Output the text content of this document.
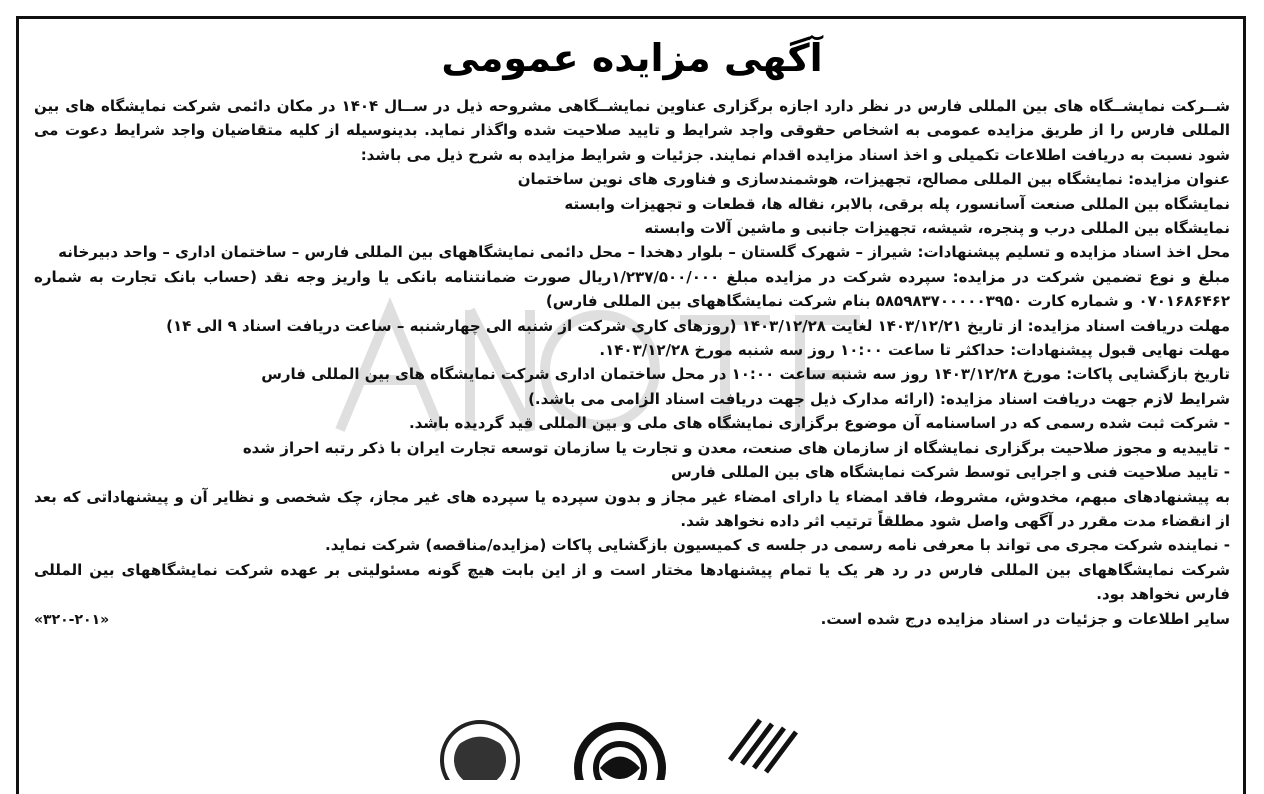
آگهی مزایده عمومی

شــرکت نمایشــگاه های بین المللی فارس در نظر دارد اجازه برگزاری عناوین نمایشــگاهی مشروحه ذیل در ســال ۱۴۰۴ در مکان دائمی شرکت نمایشگاه های بین المللی فارس را از طریق مزایده عمومی به اشخاص حقوقی واجد شرایط و تایید صلاحیت شده واگذار نماید. بدینوسیله از کلیه متقاضیان واجد شرایط دعوت می شود نسبت به دریافت اطلاعات تکمیلی و اخذ اسناد مزایده اقدام نمایند. جزئیات و شرایط مزایده به شرح ذیل می باشد:

عنوان مزایده: نمایشگاه بین المللی مصالح، تجهیزات، هوشمندسازی و فناوری های نوین ساختمان

نمایشگاه بین المللی صنعت آسانسور، پله برقی، بالابر، نقاله ها، قطعات و تجهیزات وابسته

نمایشگاه بین المللی درب و پنجره، شیشه، تجهیزات جانبی و ماشین آلات وابسته

محل اخذ اسناد مزایده و تسلیم پیشنهادات: شیراز – شهرک گلستان – بلوار دهخدا – محل دائمی نمایشگاههای بین المللی فارس – ساختمان اداری – واحد دبیرخانه

مبلغ و نوع تضمین شرکت در مزایده: سپرده شرکت در مزایده مبلغ ۱/۲۳۷/۵۰۰/۰۰۰ریال صورت ضمانتنامه بانکی یا واریز وجه نقد (حساب بانک تجارت به شماره ۰۷۰۱۶۸۶۴۶۲ و شماره کارت ۵۸۵۹۸۳۷۰۰۰۰۰۳۹۵۰ بنام شرکت نمایشگاههای بین المللی فارس)

مهلت دریافت اسناد مزایده: از تاریخ ۱۴۰۳/۱۲/۲۱ لغایت ۱۴۰۳/۱۲/۲۸ (روزهای کاری شرکت از شنبه الی چهارشنبه – ساعت دریافت اسناد ۹ الی ۱۴)

مهلت نهایی قبول پیشنهادات: حداکثر تا ساعت ۱۰:۰۰ روز سه شنبه مورخ ۱۴۰۳/۱۲/۲۸.

تاریخ بازگشایی پاکات: مورخ ۱۴۰۳/۱۲/۲۸ روز سه شنبه ساعت ۱۰:۰۰ در محل ساختمان اداری شرکت نمایشگاه های بین المللی فارس

شرایط لازم جهت دریافت اسناد مزایده: (ارائه مدارک ذیل جهت دریافت اسناد الزامی می باشد.)

- شرکت ثبت شده رسمی که در اساسنامه آن موضوع برگزاری نمایشگاه های ملی و بین المللی قید گردیده باشد.

- تاییدیه و مجوز صلاحیت برگزاری نمایشگاه از سازمان های صنعت، معدن و تجارت یا سازمان توسعه تجارت ایران با ذکر رتبه احراز شده

- تایید صلاحیت فنی و اجرایی توسط شرکت نمایشگاه های بین المللی فارس

به پیشنهادهای مبهم، مخدوش، مشروط، فاقد امضاء یا دارای امضاء غیر مجاز و بدون سپرده یا سپرده های غیر مجاز، چک شخصی و نظایر آن و پیشنهاداتی که بعد از انقضاء مدت مقرر در آگهی واصل شود مطلقاً ترتیب اثر داده نخواهد شد.

- نماینده شرکت مجری می تواند با معرفی نامه رسمی در جلسه ی کمیسیون بازگشایی پاکات (مزایده/مناقصه) شرکت نماید.

شرکت نمایشگاههای بین المللی فارس در رد هر یک یا تمام پیشنهادها مختار است و از این بابت هیچ گونه مسئولیتی بر عهده شرکت نمایشگاههای بین المللی فارس نخواهد بود.

سایر اطلاعات و جزئیات در اسناد مزایده درج شده است.
«۳۲۰-۲۰۱»
